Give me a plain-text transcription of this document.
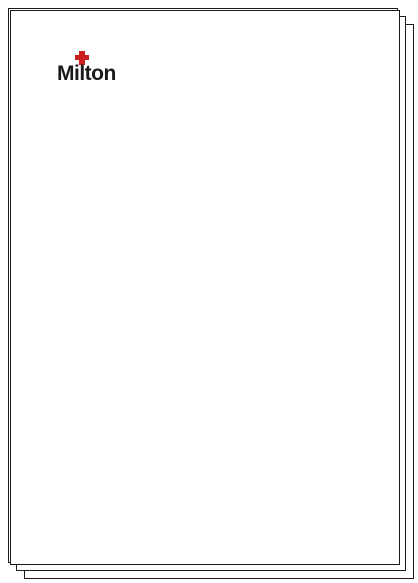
Milton
